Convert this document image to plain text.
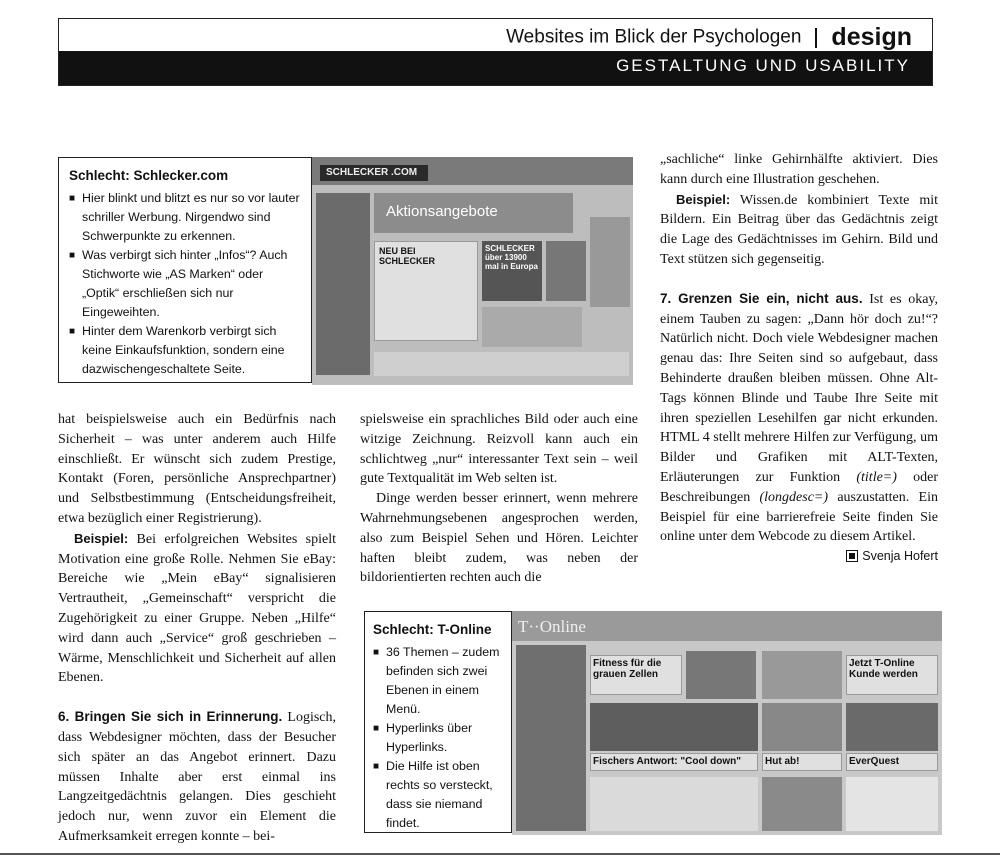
Websites im Blick der Psychologen design
GESTALTUNG UND USABILITY
Schlecht: Schlecker.com
■ Hier blinkt und blitzt es nur so vor lauter schriller Werbung. Nirgendwo sind Schwerpunkte zu erkennen.
■ Was verbirgt sich hinter „Infos“? Auch Stichworte wie „AS Marken“ oder „Optik“ erschließen sich nur Eingeweihten.
■ Hinter dem Warenkorb verbirgt sich keine Einkaufsfunktion, sondern eine dazwischengeschaltete Seite.
SCHLECKER .COM
Aktionsangebote
NEU BEI SCHLECKER
SCHLECKER über 13900 mal in Europa

hat beispielsweise auch ein Bedürfnis nach Sicherheit – was unter anderem auch Hilfe einschließt. Er wünscht sich zudem Prestige, Kontakt (Foren, persönliche Ansprechpartner) und Selbstbestimmung (Entscheidungsfreiheit, etwa bezüglich einer Registrierung).

Beispiel: Bei erfolgreichen Websites spielt Motivation eine große Rolle. Nehmen Sie eBay: Bereiche wie „Mein eBay“ signalisieren Vertrautheit, „Gemeinschaft“ verspricht die Zugehörigkeit zu einer Gruppe. Neben „Hilfe“ wird dann auch „Service“ groß geschrieben – Wärme, Menschlichkeit und Sicherheit auf allen Ebenen.

6. Bringen Sie sich in Erinnerung. Logisch, dass Webdesigner möchten, dass der Besucher sich später an das Angebot erinnert. Dazu müssen Inhalte aber erst einmal ins Langzeitgedächtnis gelangen. Dies geschieht jedoch nur, wenn zuvor ein Element die Aufmerksamkeit erregen konnte – bei-

spielsweise ein sprachliches Bild oder auch eine witzige Zeichnung. Reizvoll kann auch ein schlichtweg „nur“ interessanter Text sein – weil gute Textqualität im Web selten ist.

Dinge werden besser erinnert, wenn mehrere Wahrnehmungsebenen angesprochen werden, also zum Beispiel Sehen und Hören. Leichter haften bleibt zudem, was neben der bildorientierten rechten auch die

„sachliche“ linke Gehirnhälfte aktiviert. Dies kann durch eine Illustration geschehen.

Beispiel: Wissen.de kombiniert Texte mit Bildern. Ein Beitrag über das Gedächtnis zeigt die Lage des Gedächtnisses im Gehirn. Bild und Text stützen sich gegenseitig.

7. Grenzen Sie ein, nicht aus. Ist es okay, einem Tauben zu sagen: „Dann hör doch zu!“? Natürlich nicht. Doch viele Webdesigner machen genau das: Ihre Seiten sind so aufgebaut, dass Behinderte draußen bleiben müssen. Ohne Alt-Tags können Blinde und Taube Ihre Seite mit ihren speziellen Lesehilfen gar nicht erkunden. HTML 4 stellt mehrere Hilfen zur Verfügung, um Bilder und Grafiken mit ALT-Texten, Erläuterungen zur Funktion (title=) oder Beschreibungen (longdesc=) auszustatten. Ein Beispiel für eine barrierefreie Seite finden Sie online unter dem Webcode zu diesem Artikel.

Svenja Hofert

Schlecht: T-Online
■ 36 Themen – zudem befinden sich zwei Ebenen in einem Menü.
■ Hyperlinks über Hyperlinks.
■ Die Hilfe ist oben rechts so versteckt, dass sie niemand findet.
T··Online
Fitness für die grauen Zellen
Jetzt T-Online Kunde werden
Fischers Antwort: "Cool down"	Hut ab!	EverQuest
